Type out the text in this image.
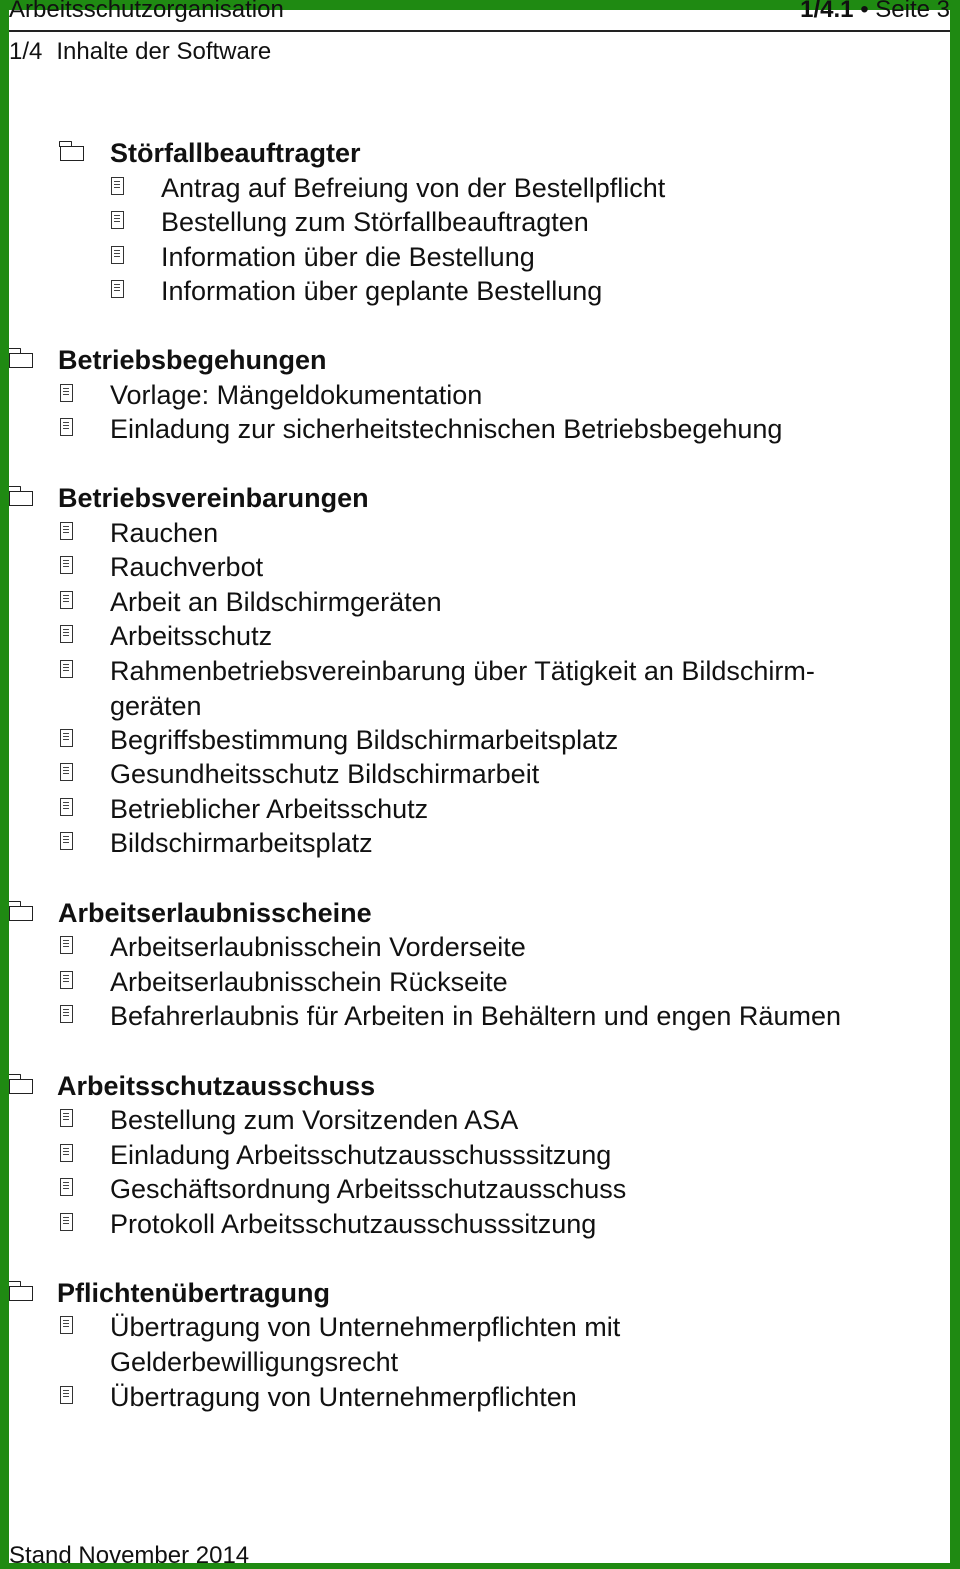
Arbeitsschutzorganisation	1/4.1 • Seite 3
1/4 Inhalte der Software
Störfallbeauftragter
Antrag auf Befreiung von der Bestellpflicht
Bestellung zum Störfallbeauftragten
Information über die Bestellung
Information über geplante Bestellung
Betriebsbegehungen
Vorlage: Mängeldokumentation
Einladung zur sicherheitstechnischen Betriebsbegehung
Betriebsvereinbarungen
Rauchen
Rauchverbot
Arbeit an Bildschirmgeräten
Arbeitsschutz
Rahmenbetriebsvereinbarung über Tätigkeit an Bildschirm-
geräten
Begriffsbestimmung Bildschirmarbeitsplatz
Gesundheitsschutz Bildschirmarbeit
Betrieblicher Arbeitsschutz
Bildschirmarbeitsplatz
Arbeitserlaubnisscheine
Arbeitserlaubnisschein Vorderseite
Arbeitserlaubnisschein Rückseite
Befahrerlaubnis für Arbeiten in Behältern und engen Räumen
Arbeitsschutzausschuss
Bestellung zum Vorsitzenden ASA
Einladung Arbeitsschutzausschusssitzung
Geschäftsordnung Arbeitsschutzausschuss
Protokoll Arbeitsschutzausschusssitzung
Pflichtenübertragung
Übertragung von Unternehmerpflichten mit
Gelderbewilligungsrecht
Übertragung von Unternehmerpflichten
Stand November 2014
